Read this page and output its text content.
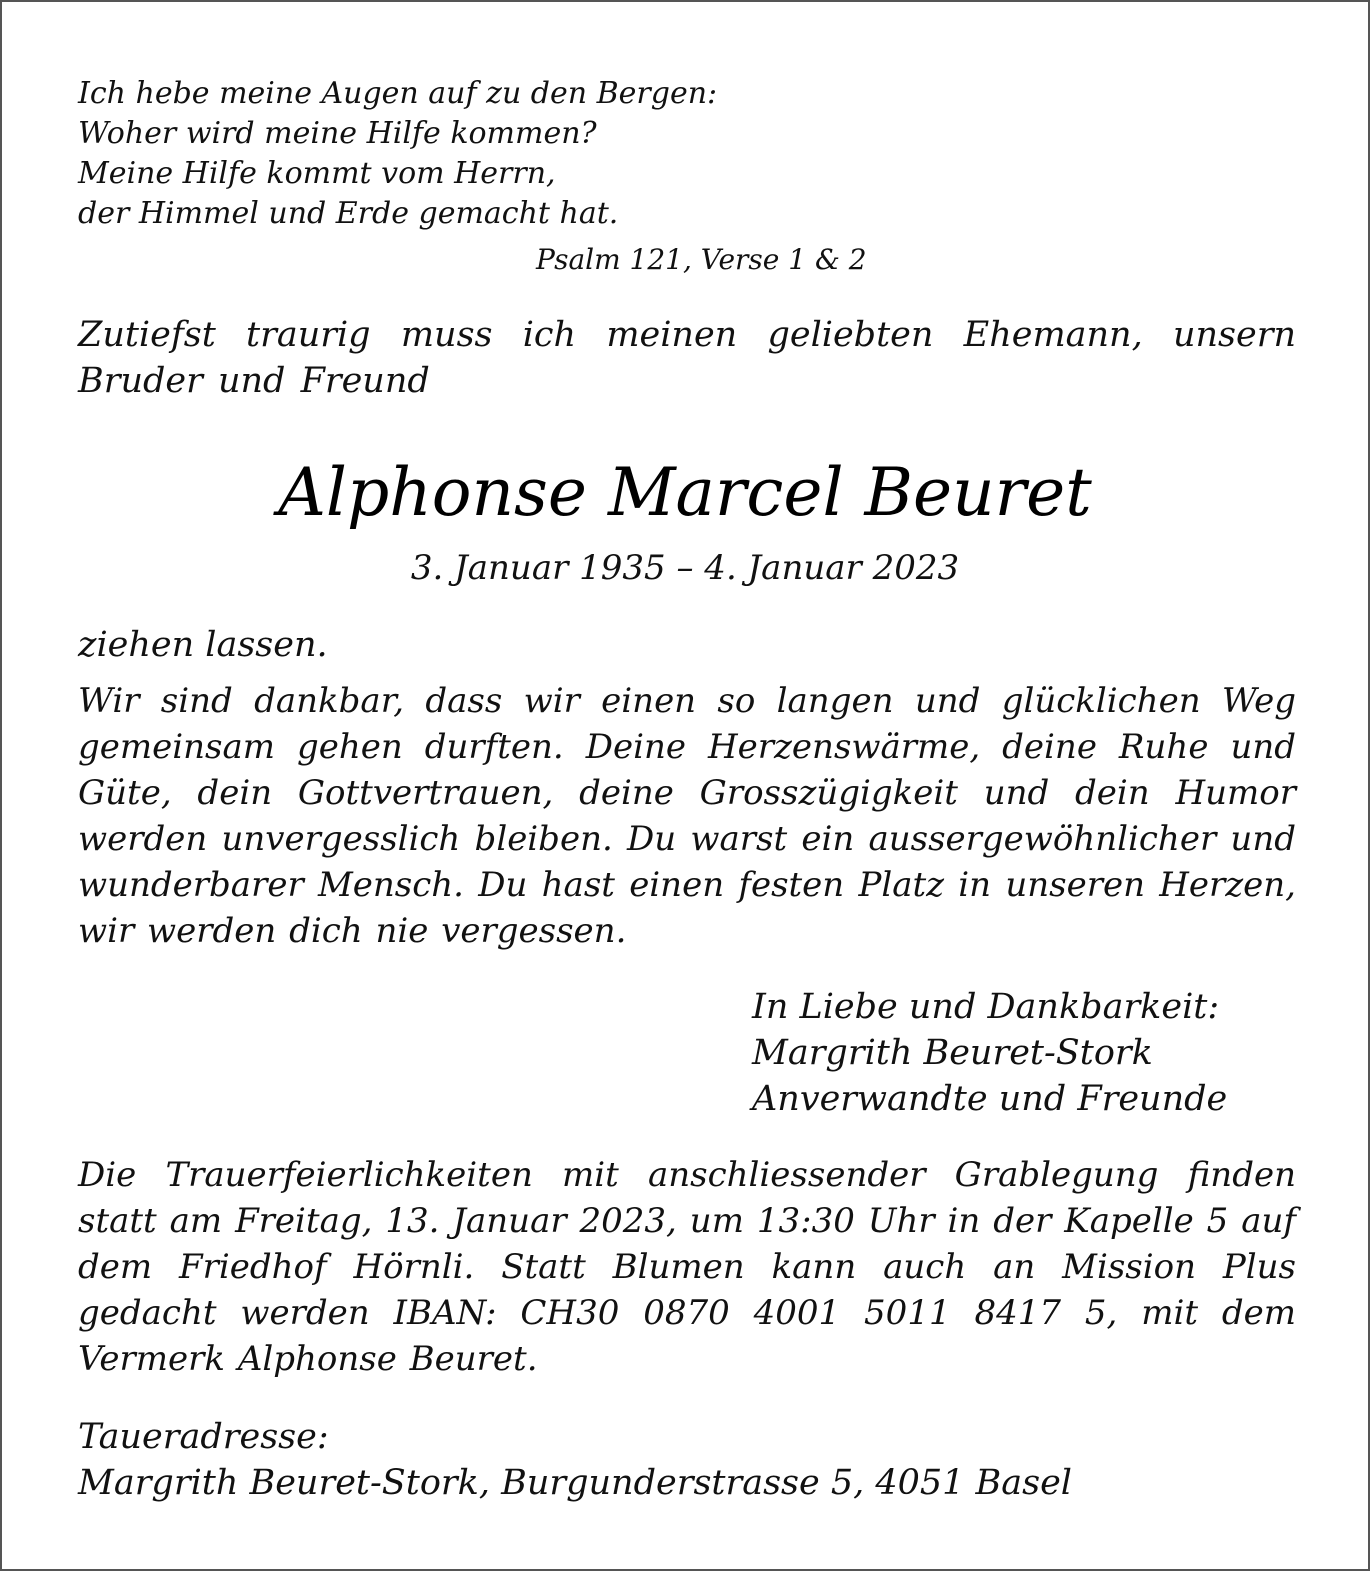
Ich hebe meine Augen auf zu den Bergen:
Woher wird meine Hilfe kommen?
Meine Hilfe kommt vom Herrn,
der Himmel und Erde gemacht hat.

Psalm 121, Verse 1 & 2

Zutiefst traurig muss ich meinen geliebten Ehemann, unsern Bruder und Freund

Alphonse Marcel Beuret

3. Januar 1935 – 4. Januar 2023

ziehen lassen.

Wir sind dankbar, dass wir einen so langen und glücklichen Weg gemeinsam gehen durften. Deine Herzenswärme, deine Ruhe und Güte, dein Gottvertrauen, deine Grosszügigkeit und dein Humor werden unvergesslich bleiben. Du warst ein aussergewöhnlicher und wunderbarer Mensch. Du hast einen festen Platz in unseren Herzen, wir werden dich nie vergessen.

In Liebe und Dankbarkeit:
Margrith Beuret-Stork
Anverwandte und Freunde

Die Trauerfeierlichkeiten mit anschliessender Grablegung finden statt am Freitag, 13. Januar 2023, um 13:30 Uhr in der Kapelle 5 auf dem Friedhof Hörnli. Statt Blumen kann auch an Mission Plus gedacht werden IBAN: CH30 0870 4001 5011 8417 5, mit dem Vermerk Alphonse Beuret.

Taueradresse:
Margrith Beuret-Stork, Burgunderstrasse 5, 4051 Basel
